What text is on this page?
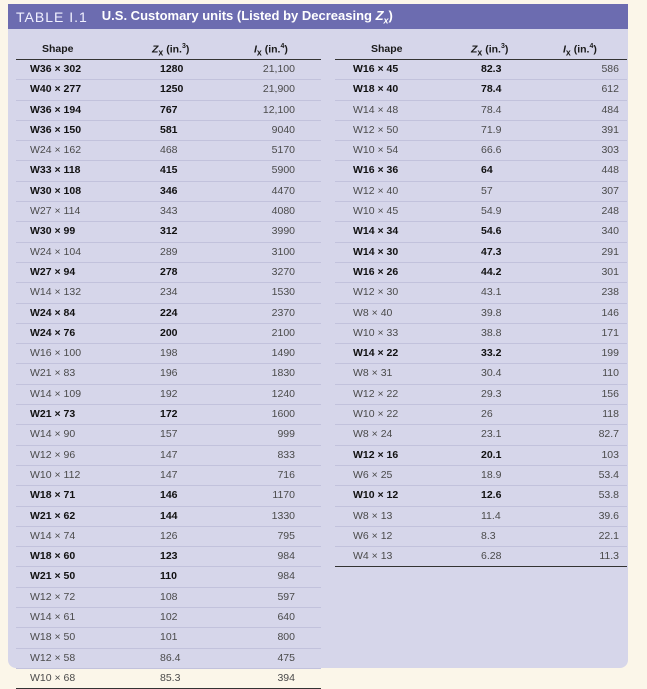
TABLE I.1 U.S. Customary units (Listed by Decreasing $Z_x$)
Shape	$Z_x$ (in.$^3$)	$I_x$ (in.$^4$)
W36 × 302	1280	21,100
W40 × 277	1250	21,900
W36 × 194	767	12,100
W36 × 150	581	9040
W24 × 162	468	5170
W33 × 118	415	5900
W30 × 108	346	4470
W27 × 114	343	4080
W30 × 99	312	3990
W24 × 104	289	3100
W27 × 94	278	3270
W14 × 132	234	1530
W24 × 84	224	2370
W24 × 76	200	2100
W16 × 100	198	1490
W21 × 83	196	1830
W14 × 109	192	1240
W21 × 73	172	1600
W14 × 90	157	999
W12 × 96	147	833
W10 × 112	147	716
W18 × 71	146	1170
W21 × 62	144	1330
W14 × 74	126	795
W18 × 60	123	984
W21 × 50	110	984
W12 × 72	108	597
W14 × 61	102	640
W18 × 50	101	800
W12 × 58	86.4	475
W10 × 68	85.3	394
Shape	$Z_x$ (in.$^3$)	$I_x$ (in.$^4$)
W16 × 45	82.3	586
W18 × 40	78.4	612
W14 × 48	78.4	484
W12 × 50	71.9	391
W10 × 54	66.6	303
W16 × 36	64	448
W12 × 40	57	307
W10 × 45	54.9	248
W14 × 34	54.6	340
W14 × 30	47.3	291
W16 × 26	44.2	301
W12 × 30	43.1	238
W8 × 40	39.8	146
W10 × 33	38.8	171
W14 × 22	33.2	199
W8 × 31	30.4	110
W12 × 22	29.3	156
W10 × 22	26	118
W8 × 24	23.1	82.7
W12 × 16	20.1	103
W6 × 25	18.9	53.4
W10 × 12	12.6	53.8
W8 × 13	11.4	39.6
W6 × 12	8.3	22.1
W4 × 13	6.28	11.3
